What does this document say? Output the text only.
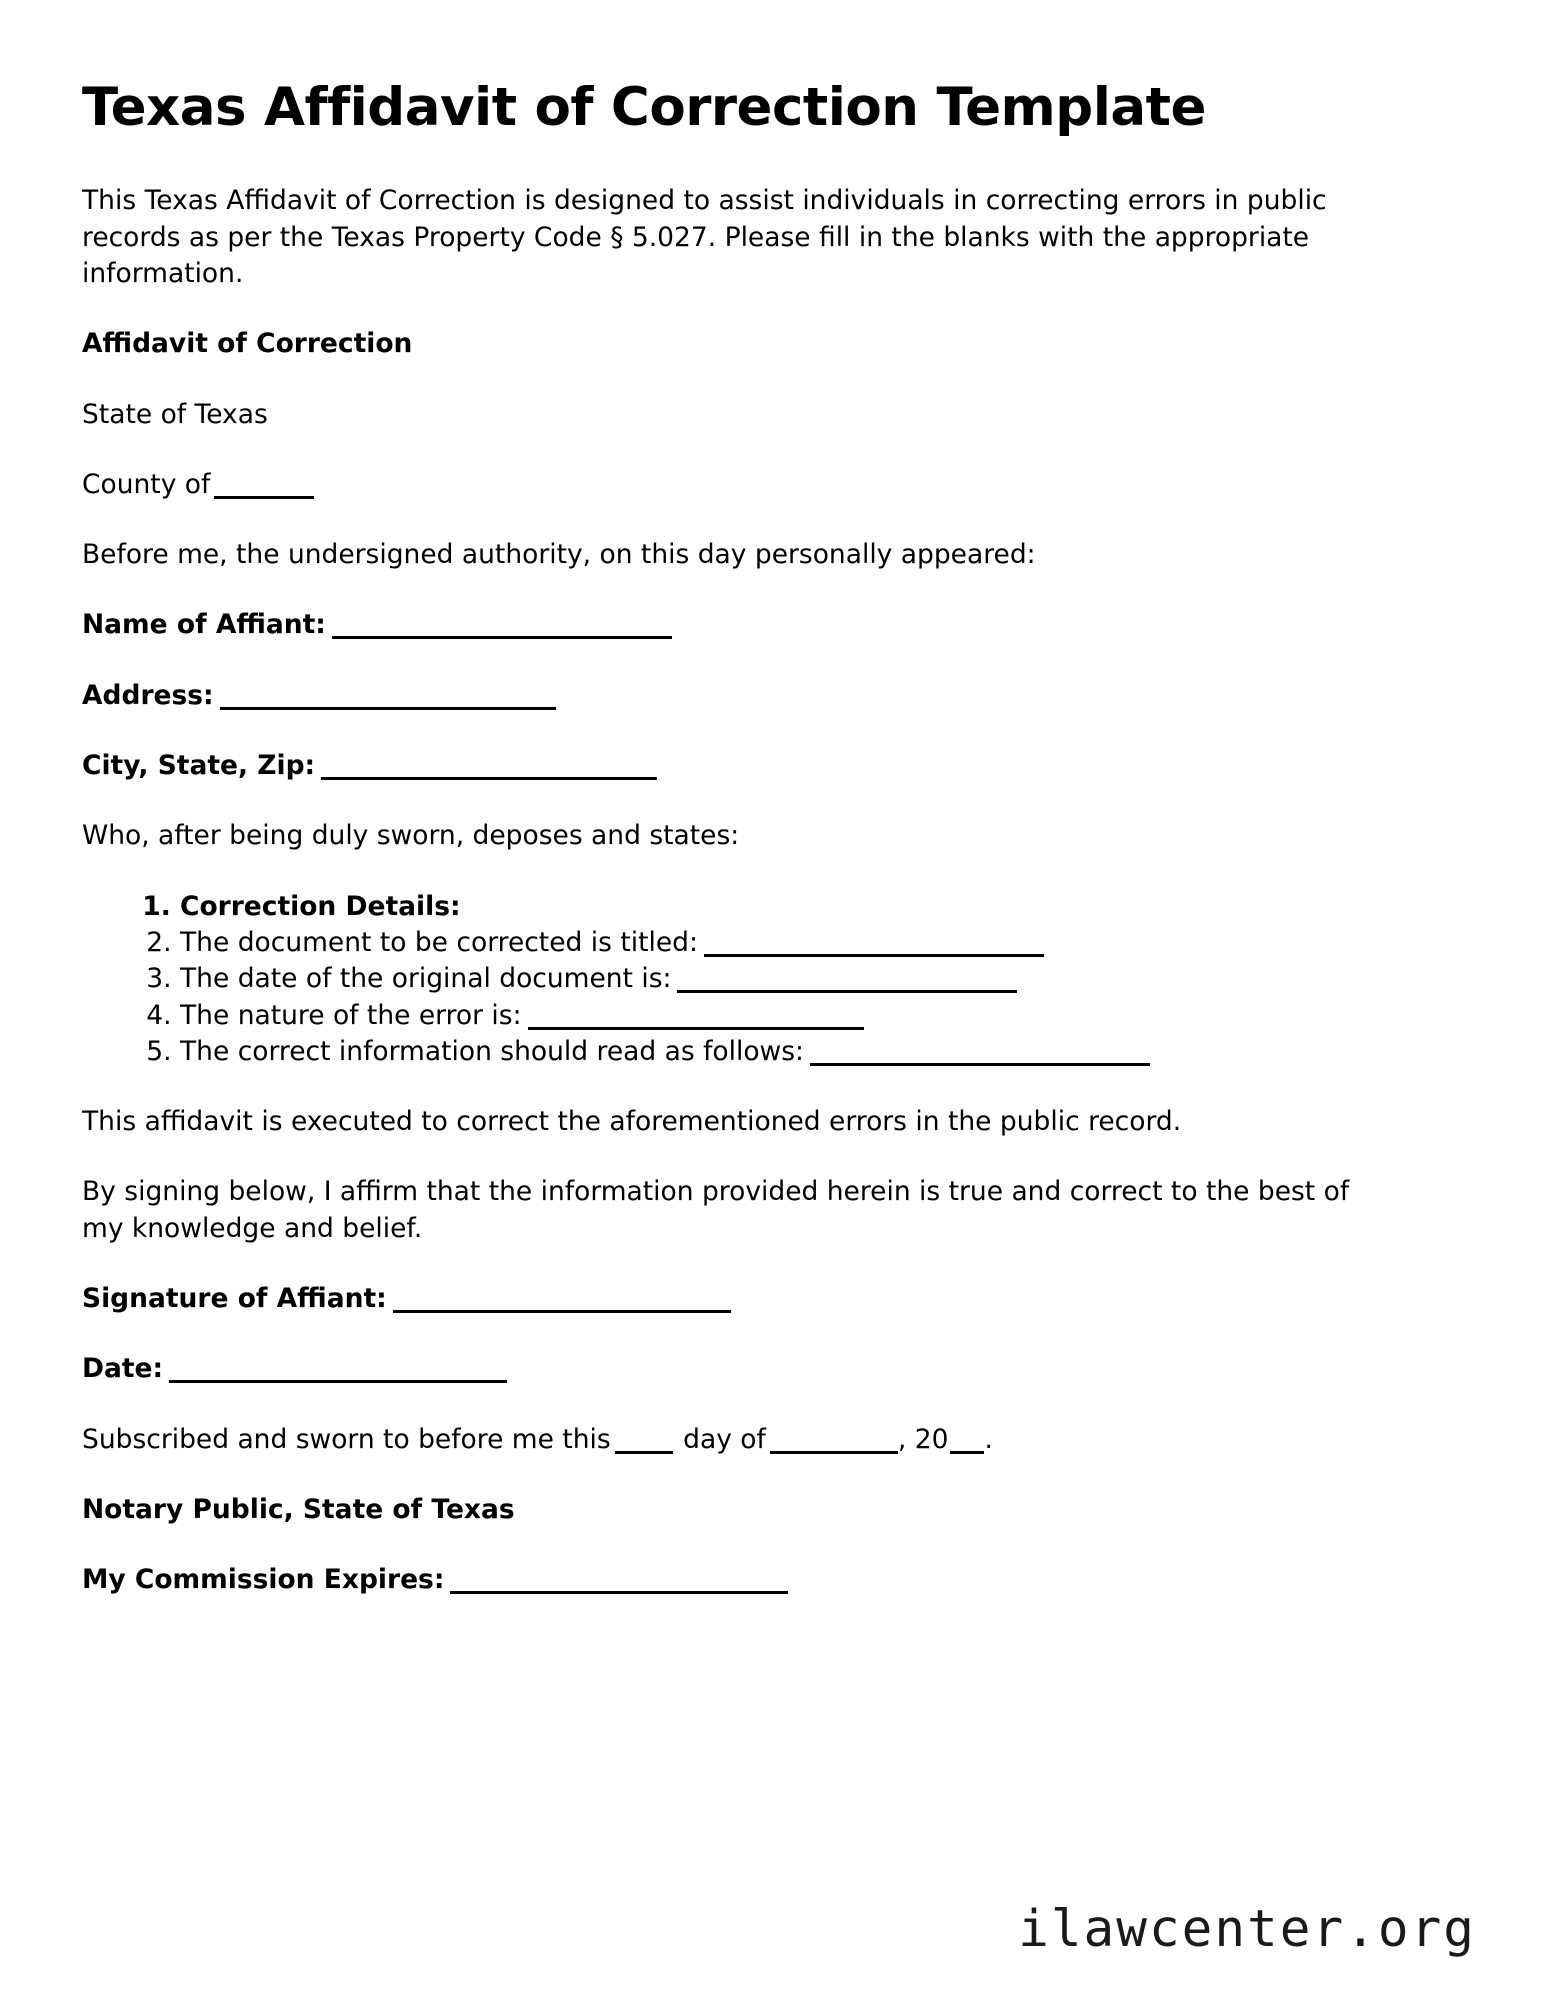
Texas Affidavit of Correction Template

This Texas Affidavit of Correction is designed to assist individuals in correcting errors in public records as per the Texas Property Code § 5.027. Please fill in the blanks with the appropriate information.

Affidavit of Correction

State of Texas

County of

Before me, the undersigned authority, on this day personally appeared:

Name of Affiant:
Address:
City, State, Zip:

Who, after being duly sworn, deposes and states:

1. Correction Details:
2. The document to be corrected is titled:
3. The date of the original document is:
4. The nature of the error is:
5. The correct information should read as follows:

This affidavit is executed to correct the aforementioned errors in the public record.

By signing below, I affirm that the information provided herein is true and correct to the best of my knowledge and belief.

Signature of Affiant:
Date:
Subscribed and sworn to before me this	day of	, 20 .
Notary Public, State of Texas
My Commission Expires:
ilawcenter.org
